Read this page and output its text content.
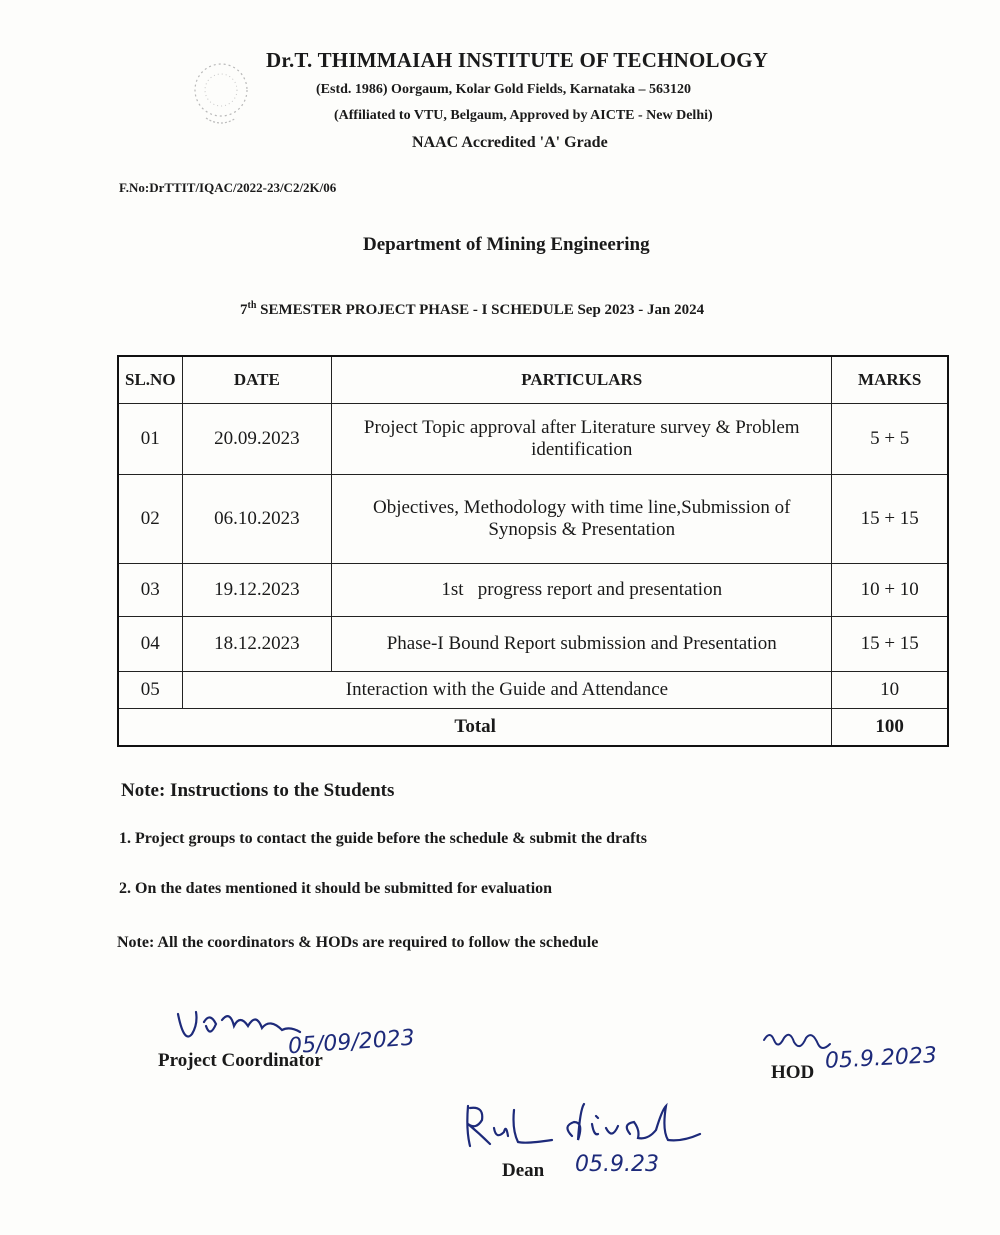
Dr.T. THIMMAIAH INSTITUTE OF TECHNOLOGY
(Estd. 1986) Oorgaum, Kolar Gold Fields, Karnataka – 563120
(Affiliated to VTU, Belgaum, Approved by AICTE - New Delhi)
NAAC Accredited 'A' Grade
F.No:DrTTIT/IQAC/2022-23/C2/2K/06
Department of Mining Engineering
7th SEMESTER PROJECT PHASE - I SCHEDULE Sep 2023 - Jan 2024
SL.NO	DATE	PARTICULARS	MARKS
01	20.09.2023	Project Topic approval after Literature survey & Problem identification	5 + 5
02	06.10.2023	Objectives, Methodology with time line,Submission of Synopsis & Presentation	15 + 15
03	19.12.2023	1st   progress report and presentation	10 + 10
04	18.12.2023	Phase-I Bound Report submission and Presentation	15 + 15
05	Interaction with the Guide and Attendance		10
Total			100
Note: Instructions to the Students
1. Project groups to contact the guide before the schedule & submit the drafts
2. On the dates mentioned it should be submitted for evaluation
Note: All the coordinators & HODs are required to follow the schedule
05/09/2023
Project Coordinator	05.9.2023
HOD
Dean 05.9.23
